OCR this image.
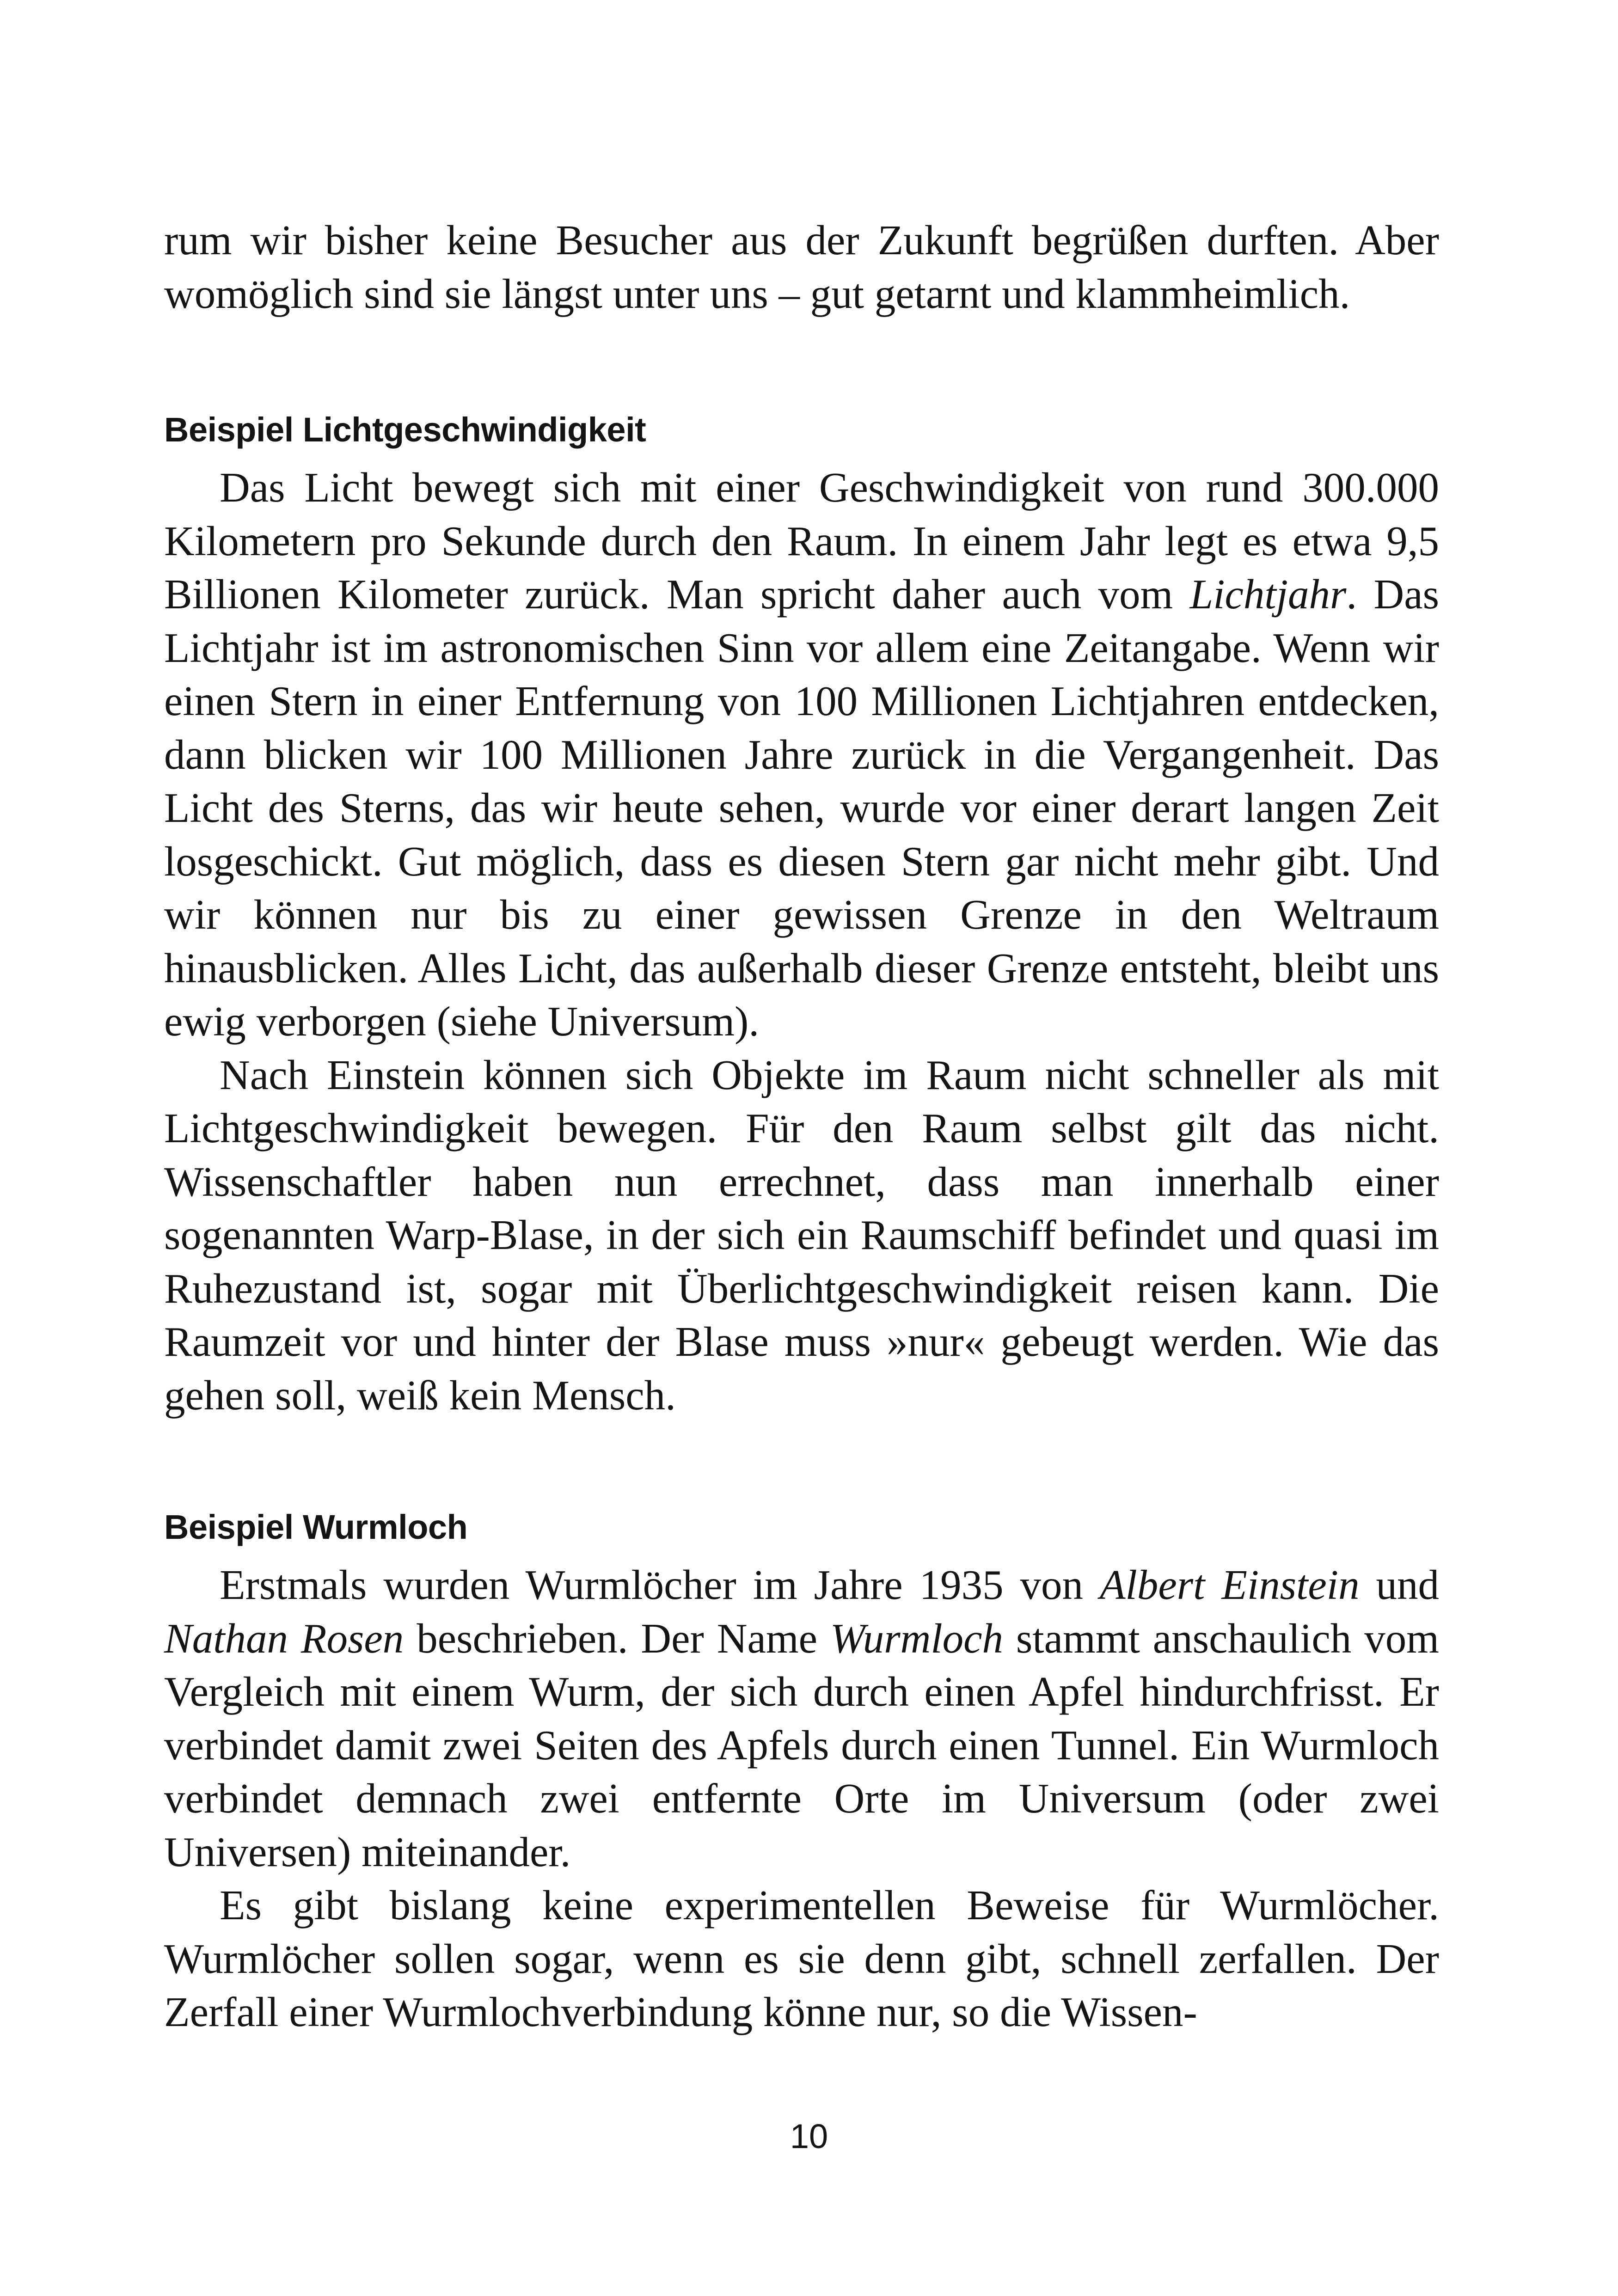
rum wir bisher keine Besucher aus der Zukunft begrüßen durften. Aber womöglich sind sie längst unter uns – gut getarnt und klammheimlich.

Beispiel Lichtgeschwindigkeit

Das Licht bewegt sich mit einer Geschwindigkeit von rund 300.000 Kilometern pro Sekunde durch den Raum. In einem Jahr legt es etwa 9,5 Billionen Kilometer zurück. Man spricht daher auch vom Lichtjahr. Das Lichtjahr ist im astronomischen Sinn vor allem eine Zeitangabe. Wenn wir einen Stern in einer Entfernung von 100 Millionen Lichtjahren entdecken, dann blicken wir 100 Millionen Jahre zurück in die Vergangenheit. Das Licht des Sterns, das wir heute sehen, wurde vor einer derart langen Zeit losgeschickt. Gut möglich, dass es diesen Stern gar nicht mehr gibt. Und wir können nur bis zu einer gewissen Grenze in den Weltraum hinausblicken. Alles Licht, das außerhalb dieser Grenze entsteht, bleibt uns ewig verborgen (siehe Universum).

Nach Einstein können sich Objekte im Raum nicht schneller als mit Lichtgeschwindigkeit bewegen. Für den Raum selbst gilt das nicht. Wissenschaftler haben nun errechnet, dass man innerhalb einer sogenannten Warp-Blase, in der sich ein Raumschiff befindet und quasi im Ruhezustand ist, sogar mit Überlichtgeschwindigkeit reisen kann. Die Raumzeit vor und hinter der Blase muss »nur« gebeugt werden. Wie das gehen soll, weiß kein Mensch.

Beispiel Wurmloch

Erstmals wurden Wurmlöcher im Jahre 1935 von Albert Einstein und Nathan Rosen beschrieben. Der Name Wurmloch stammt anschaulich vom Vergleich mit einem Wurm, der sich durch einen Apfel hindurchfrisst. Er verbindet damit zwei Seiten des Apfels durch einen Tunnel. Ein Wurmloch verbindet demnach zwei entfernte Orte im Universum (oder zwei Universen) miteinander.

Es gibt bislang keine experimentellen Beweise für Wurmlöcher. Wurmlöcher sollen sogar, wenn es sie denn gibt, schnell zerfallen. Der Zerfall einer Wurmlochverbindung könne nur, so die Wissen-

10
